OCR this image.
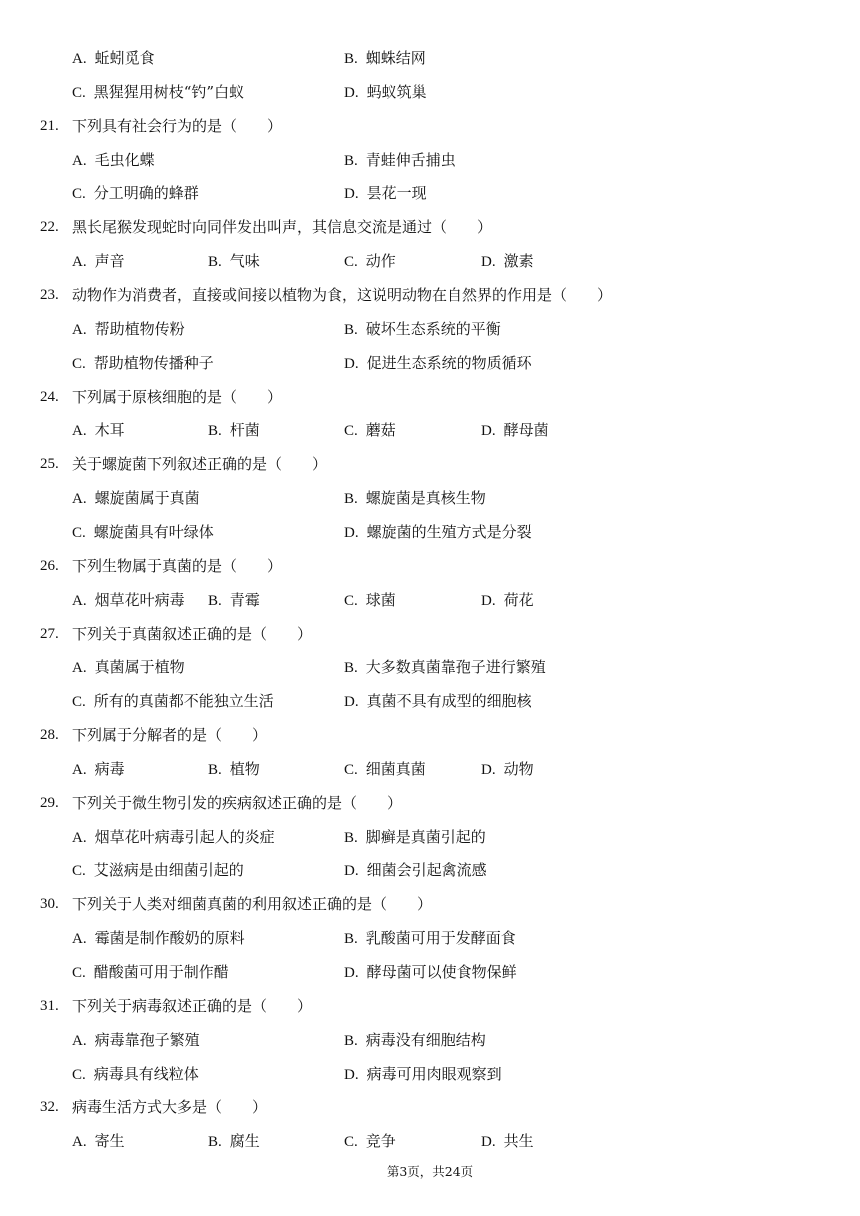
A. 蚯蚓觅食	B. 蜘蛛结网
C. 黑猩猩用树枝“钓”白蚁	D. 蚂蚁筑巢
21. 下列具有社会行为的是（　　）
A. 毛虫化蝶	B. 青蛙伸舌捕虫
C. 分工明确的蜂群	D. 昙花一现
22. 黑长尾猴发现蛇时向同伴发出叫声，其信息交流是通过（　　）
A. 声音	B. 气味	C. 动作	D. 激素
23. 动物作为消费者，直接或间接以植物为食，这说明动物在自然界的作用是（　　）
A. 帮助植物传粉	B. 破坏生态系统的平衡
C. 帮助植物传播种子	D. 促进生态系统的物质循环
24. 下列属于原核细胞的是（　　）
A. 木耳	B. 杆菌	C. 蘑菇	D. 酵母菌
25. 关于螺旋菌下列叙述正确的是（　　）
A. 螺旋菌属于真菌	B. 螺旋菌是真核生物
C. 螺旋菌具有叶绿体	D. 螺旋菌的生殖方式是分裂
26. 下列生物属于真菌的是（　　）
A. 烟草花叶病毒 B. 青霉	C. 球菌	D. 荷花
27. 下列关于真菌叙述正确的是（　　）
A. 真菌属于植物	B. 大多数真菌靠孢子进行繁殖
C. 所有的真菌都不能独立生活	D. 真菌不具有成型的细胞核
28. 下列属于分解者的是（　　）
A. 病毒	B. 植物	C. 细菌真菌	D. 动物
29. 下列关于微生物引发的疾病叙述正确的是（　　）
A. 烟草花叶病毒引起人的炎症	B. 脚癣是真菌引起的
C. 艾滋病是由细菌引起的	D. 细菌会引起禽流感
30. 下列关于人类对细菌真菌的利用叙述正确的是（　　）
A. 霉菌是制作酸奶的原料	B. 乳酸菌可用于发酵面食
C. 醋酸菌可用于制作醋	D. 酵母菌可以使食物保鲜
31. 下列关于病毒叙述正确的是（　　）
A. 病毒靠孢子繁殖	B. 病毒没有细胞结构
C. 病毒具有线粒体	D. 病毒可用肉眼观察到
32. 病毒生活方式大多是（　　）
A. 寄生	B. 腐生	C. 竞争	D. 共生
第3页，共24页
